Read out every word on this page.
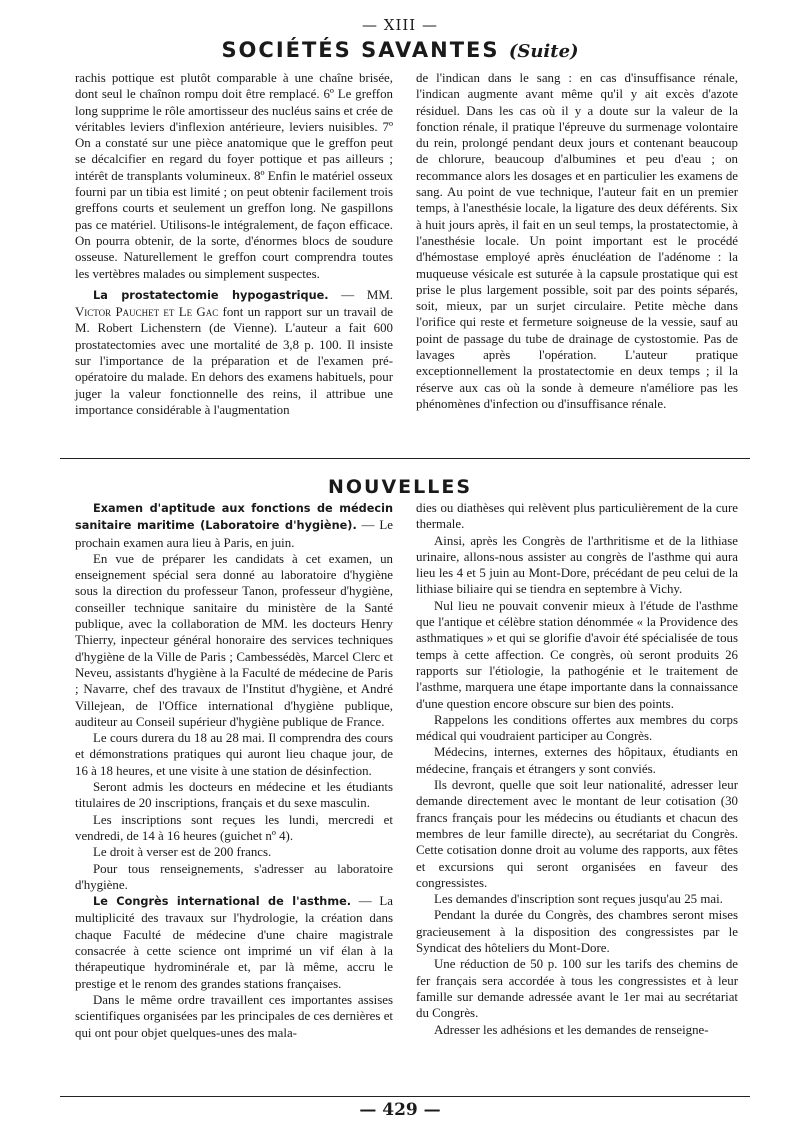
— XIII —
SOCIÉTÉS SAVANTES (Suite)

rachis pottique est plutôt comparable à une chaîne brisée, dont seul le chaînon rompu doit être remplacé. 6º Le greffon long supprime le rôle amortisseur des nucléus sains et crée de véritables leviers d'inflexion antérieure, leviers nuisibles. 7º On a constaté sur une pièce anatomique que le greffon peut se décalcifier en regard du foyer pottique et pas ailleurs ; intérêt de transplants volumineux. 8º Enfin le matériel osseux fourni par un tibia est limité ; on peut obtenir facilement trois greffons courts et seulement un greffon long. Ne gaspillons pas ce matériel. Utilisons-le intégralement, de façon efficace. On pourra obtenir, de la sorte, d'énormes blocs de soudure osseuse. Naturellement le greffon court comprendra toutes les vertèbres malades ou simplement suspectes.

La prostatectomie hypogastrique. — MM. Victor Pauchet et Le Gac font un rapport sur un travail de M. Robert Lichenstern (de Vienne). L'auteur a fait 600 prostatectomies avec une mortalité de 3,8 p. 100. Il insiste sur l'importance de la préparation et de l'examen pré-opératoire du malade. En dehors des examens habituels, pour juger la valeur fonctionnelle des reins, il attribue une importance considérable à l'augmentation

de l'indican dans le sang : en cas d'insuffisance rénale, l'indican augmente avant même qu'il y ait excès d'azote résiduel. Dans les cas où il y a doute sur la valeur de la fonction rénale, il pratique l'épreuve du surmenage volontaire du rein, prolongé pendant deux jours et contenant beaucoup de chlorure, beaucoup d'albumines et peu d'eau ; on recommance alors les dosages et en particulier les examens de sang. Au point de vue technique, l'auteur fait en un premier temps, à l'anesthésie locale, la ligature des deux déférents. Six à huit jours après, il fait en un seul temps, la prostatectomie, à l'anesthésie locale. Un point important est le procédé d'hémostase employé après énucléation de l'adénome : la muqueuse vésicale est suturée à la capsule prostatique qui est prise le plus largement possible, soit par des points séparés, soit, mieux, par un surjet circulaire. Petite mèche dans l'orifice qui reste et fermeture soigneuse de la vessie, sauf au point de passage du tube de drainage de cystostomie. Pas de lavages après l'opération. L'auteur pratique exceptionnellement la prostatectomie en deux temps ; il la réserve aux cas où la sonde à demeure n'améliore pas les phénomènes d'infection ou d'insuffisance rénale.

NOUVELLES

Examen d'aptitude aux fonctions de médecin sanitaire maritime (Laboratoire d'hygiène). — Le prochain examen aura lieu à Paris, en juin.

En vue de préparer les candidats à cet examen, un enseignement spécial sera donné au laboratoire d'hygiène sous la direction du professeur Tanon, professeur d'hygiène, conseiller technique sanitaire du ministère de la Santé publique, avec la collaboration de MM. les docteurs Henry Thierry, inpecteur général honoraire des services techniques d'hygiène de la Ville de Paris ; Cambessédès, Marcel Clerc et Neveu, assistants d'hygiène à la Faculté de médecine de Paris ; Navarre, chef des travaux de l'Institut d'hygiène, et André Villejean, de l'Office international d'hygiène publique, auditeur au Conseil supérieur d'hygiène publique de France.

Le cours durera du 18 au 28 mai. Il comprendra des cours et démonstrations pratiques qui auront lieu chaque jour, de 16 à 18 heures, et une visite à une station de désinfection.

Seront admis les docteurs en médecine et les étudiants titulaires de 20 inscriptions, français et du sexe masculin.

Les inscriptions sont reçues les lundi, mercredi et vendredi, de 14 à 16 heures (guichet nº 4).

Le droit à verser est de 200 francs.

Pour tous renseignements, s'adresser au laboratoire d'hygiène.

Le Congrès international de l'asthme. — La multiplicité des travaux sur l'hydrologie, la création dans chaque Faculté de médecine d'une chaire magistrale consacrée à cette science ont imprimé un vif élan à la thérapeutique hydrominérale et, par là même, accru le prestige et le renom des grandes stations françaises.

Dans le même ordre travaillent ces importantes assises scientifiques organisées par les principales de ces dernières et qui ont pour objet quelques-unes des mala-

dies ou diathèses qui relèvent plus particulièrement de la cure thermale.

Ainsi, après les Congrès de l'arthritisme et de la lithiase urinaire, allons-nous assister au congrès de l'asthme qui aura lieu les 4 et 5 juin au Mont-Dore, précédant de peu celui de la lithiase biliaire qui se tiendra en septembre à Vichy.

Nul lieu ne pouvait convenir mieux à l'étude de l'asthme que l'antique et célèbre station dénommée « la Providence des asthmatiques » et qui se glorifie d'avoir été spécialisée de tous temps à cette affection. Ce congrès, où seront produits 26 rapports sur l'étiologie, la pathogénie et le traitement de l'asthme, marquera une étape importante dans la connaissance d'une question encore obscure sur bien des points.

Rappelons les conditions offertes aux membres du corps médical qui voudraient participer au Congrès.

Médecins, internes, externes des hôpitaux, étudiants en médecine, français et étrangers y sont conviés.

Ils devront, quelle que soit leur nationalité, adresser leur demande directement avec le montant de leur cotisation (30 francs français pour les médecins ou étudiants et chacun des membres de leur famille directe), au secrétariat du Congrès. Cette cotisation donne droit au volume des rapports, aux fêtes et excursions qui seront organisées en faveur des congressistes.

Les demandes d'inscription sont reçues jusqu'au 25 mai.

Pendant la durée du Congrès, des chambres seront mises gracieusement à la disposition des congressistes par le Syndicat des hôteliers du Mont-Dore.

Une réduction de 50 p. 100 sur les tarifs des chemins de fer français sera accordée à tous les congressistes et à leur famille sur demande adressée avant le 1er mai au secrétariat du Congrès.

Adresser les adhésions et les demandes de renseigne-

— 429 —
